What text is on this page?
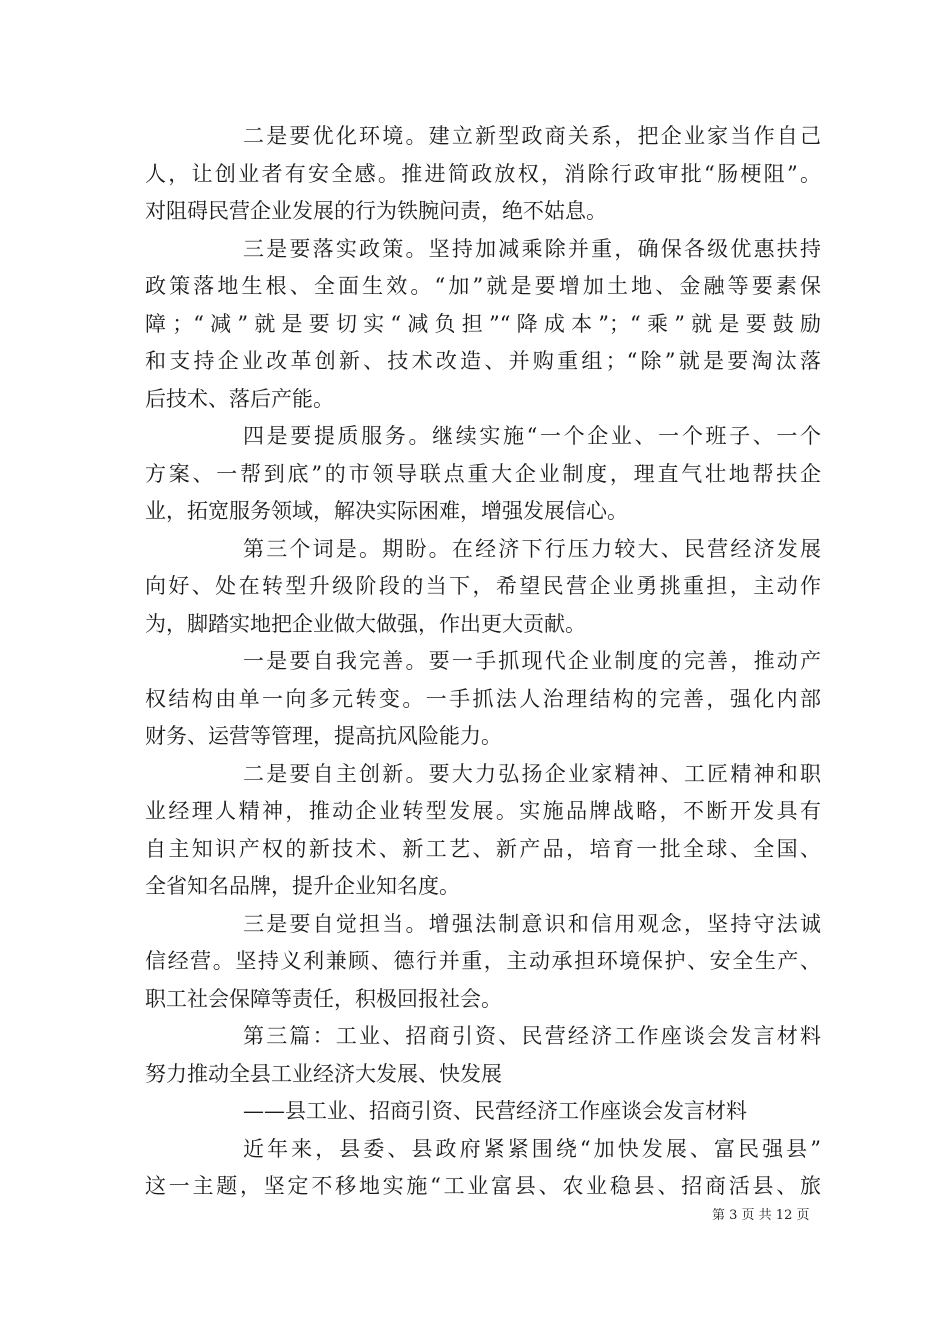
二是要优化环境。建立新型政商关系，把企业家当作自己
人，让创业者有安全感。推进简政放权，消除行政审批“肠梗阻”。
对阻碍民营企业发展的行为铁腕问责，绝不姑息。
三是要落实政策。坚持加减乘除并重，确保各级优惠扶持
政策落地生根、全面生效。“加”就是要增加土地、金融等要素保
障；“减”就是要切实“减负担”“降成本”；“乘”就是要鼓励
和支持企业改革创新、技术改造、并购重组；“除”就是要淘汰落
后技术、落后产能。
四是要提质服务。继续实施“一个企业、一个班子、一个
方案、一帮到底”的市领导联点重大企业制度，理直气壮地帮扶企
业，拓宽服务领域，解决实际困难，增强发展信心。
第三个词是。期盼。在经济下行压力较大、民营经济发展
向好、处在转型升级阶段的当下，希望民营企业勇挑重担，主动作
为，脚踏实地把企业做大做强，作出更大贡献。
一是要自我完善。要一手抓现代企业制度的完善，推动产
权结构由单一向多元转变。一手抓法人治理结构的完善，强化内部
财务、运营等管理，提高抗风险能力。
二是要自主创新。要大力弘扬企业家精神、工匠精神和职
业经理人精神，推动企业转型发展。实施品牌战略，不断开发具有
自主知识产权的新技术、新工艺、新产品，培育一批全球、全国、
全省知名品牌，提升企业知名度。
三是要自觉担当。增强法制意识和信用观念，坚持守法诚
信经营。坚持义利兼顾、德行并重，主动承担环境保护、安全生产、
职工社会保障等责任，积极回报社会。
第三篇：工业、招商引资、民营经济工作座谈会发言材料
努力推动全县工业经济大发展、快发展
——县工业、招商引资、民营经济工作座谈会发言材料
近年来，县委、县政府紧紧围绕“加快发展、富民强县”
这一主题，坚定不移地实施“工业富县、农业稳县、招商活县、旅
第 3 页 共 12 页
